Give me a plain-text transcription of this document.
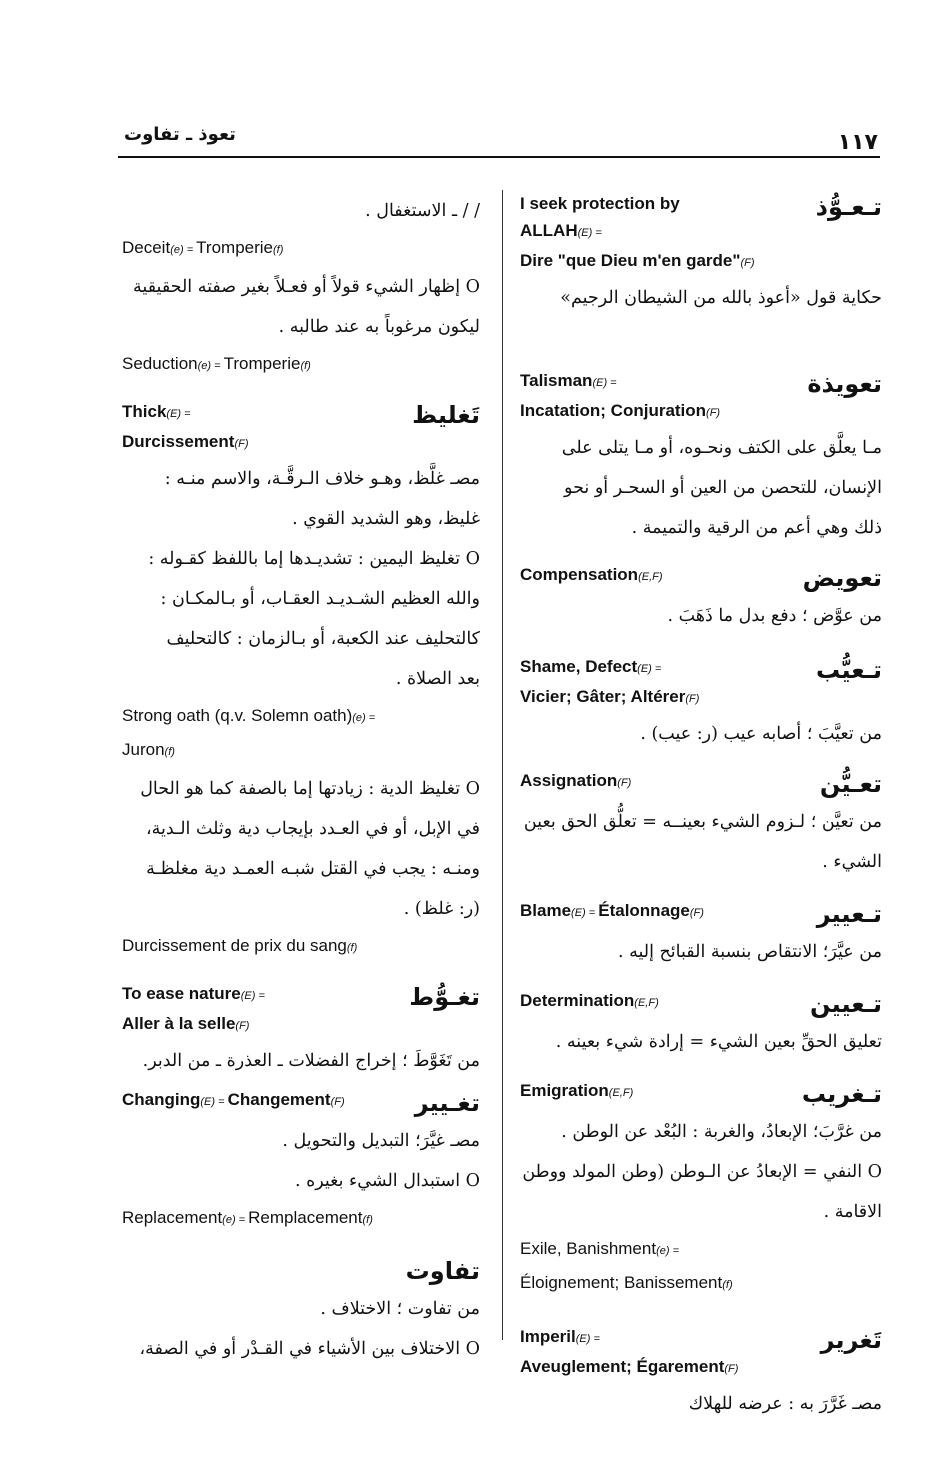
تعوذ ـ تفاوت	١١٧
I seek protection by
ALLAH(E) =
Dire "que Dieu m'en garde"(F)
تـعـوُّذ
حكاية قول «أعوذ بالله من الشيطان الرجيم»
Talisman(E) =
Incatation; Conjuration(F)
تعويذة
مـا يعلَّق على الكتف ونحـوه، أو مـا يتلى على
الإنسان، للتحصن من العين أو السحـر أو نحو
ذلك وهي أعم من الرقية والتميمة .
Compensation(E,F)	تعويض
من عوَّض ؛ دفع بدل ما ذَهَبَ .
Shame, Defect(E) =
Vicier; Gâter; Altérer(F)
تـعيُّب
من تعيَّبَ ؛ أصابه عيب (ر: عيب) .
Assignation(F)	تعـيُّن
من تعيَّن ؛ لـزوم الشيء بعينــه = تعلُّق الحق بعين
الشيء .
Blame(E) = Étalonnage(F)	تـعيير
من عيَّرَ؛ الانتقاص بنسبة القبائح إليه .
Determination(E,F)	تـعيين
تعليق الحقِّ بعين الشيء = إرادة شيء بعينه .
Emigration(E,F)	تـغريب
من غرَّبَ؛ الإبعادُ، والغربة : البُعْد عن الوطن .
O النفي = الإبعادُ عن الـوطن (وطن المولد ووطن
الاقامة .
Exile, Banishment(e) =
Éloignement; Banissement(f)
Imperil(E) =
Aveuglement; Égarement(F)
تَغرير
مصـ غَرَّرَ به : عرضه للهلاك
/ / ـ الاستغفال .
Deceit(e) = Tromperie(f)
O إظهار الشيء قولاً أو فعـلاً بغير صفته الحقيقية
ليكون مرغوباً به عند طالبه .
Seduction(e) = Tromperie(f)
Thick(E) =
Durcissement(F)
تَغليظ
مصـ غلَّظ، وهـو خلاف الـرقَّـة، والاسم منـه :
غليظ، وهو الشديد القوي .
O تغليظ اليمين : تشديـدها إما باللفظ كقـوله :
والله العظيم الشـديـد العقـاب، أو بـالمكـان :
كالتحليف عند الكعبة، أو بـالزمان : كالتحليف
بعد الصلاة .
Strong oath (q.v. Solemn oath)(e) =
Juron(f)
O تغليظ الدية : زيادتها إما بالصفة كما هو الحال
في الإبل، أو في العـدد بإيجاب دية وثلث الـدية،
ومنـه : يجب في القتل شبـه العمـد دية مغلظـة
(ر: غلظ) .
Durcissement de prix du sang(f)
To ease nature(E) =
Aller à la selle(F)
تغـوُّط
من تَغَوَّطَ ؛ إخراج الفضلات ـ العذرة ـ من الدبر.
Changing(E) = Changement(F)	تغـيير
مصـ غيَّرَ؛ التبديل والتحويل .
O استبدال الشيء بغيره .
Replacement(e) = Remplacement(f)
تفاوت
من تفاوت ؛ الاختلاف .
O الاختلاف بين الأشياء في القـدْر أو في الصفة،
